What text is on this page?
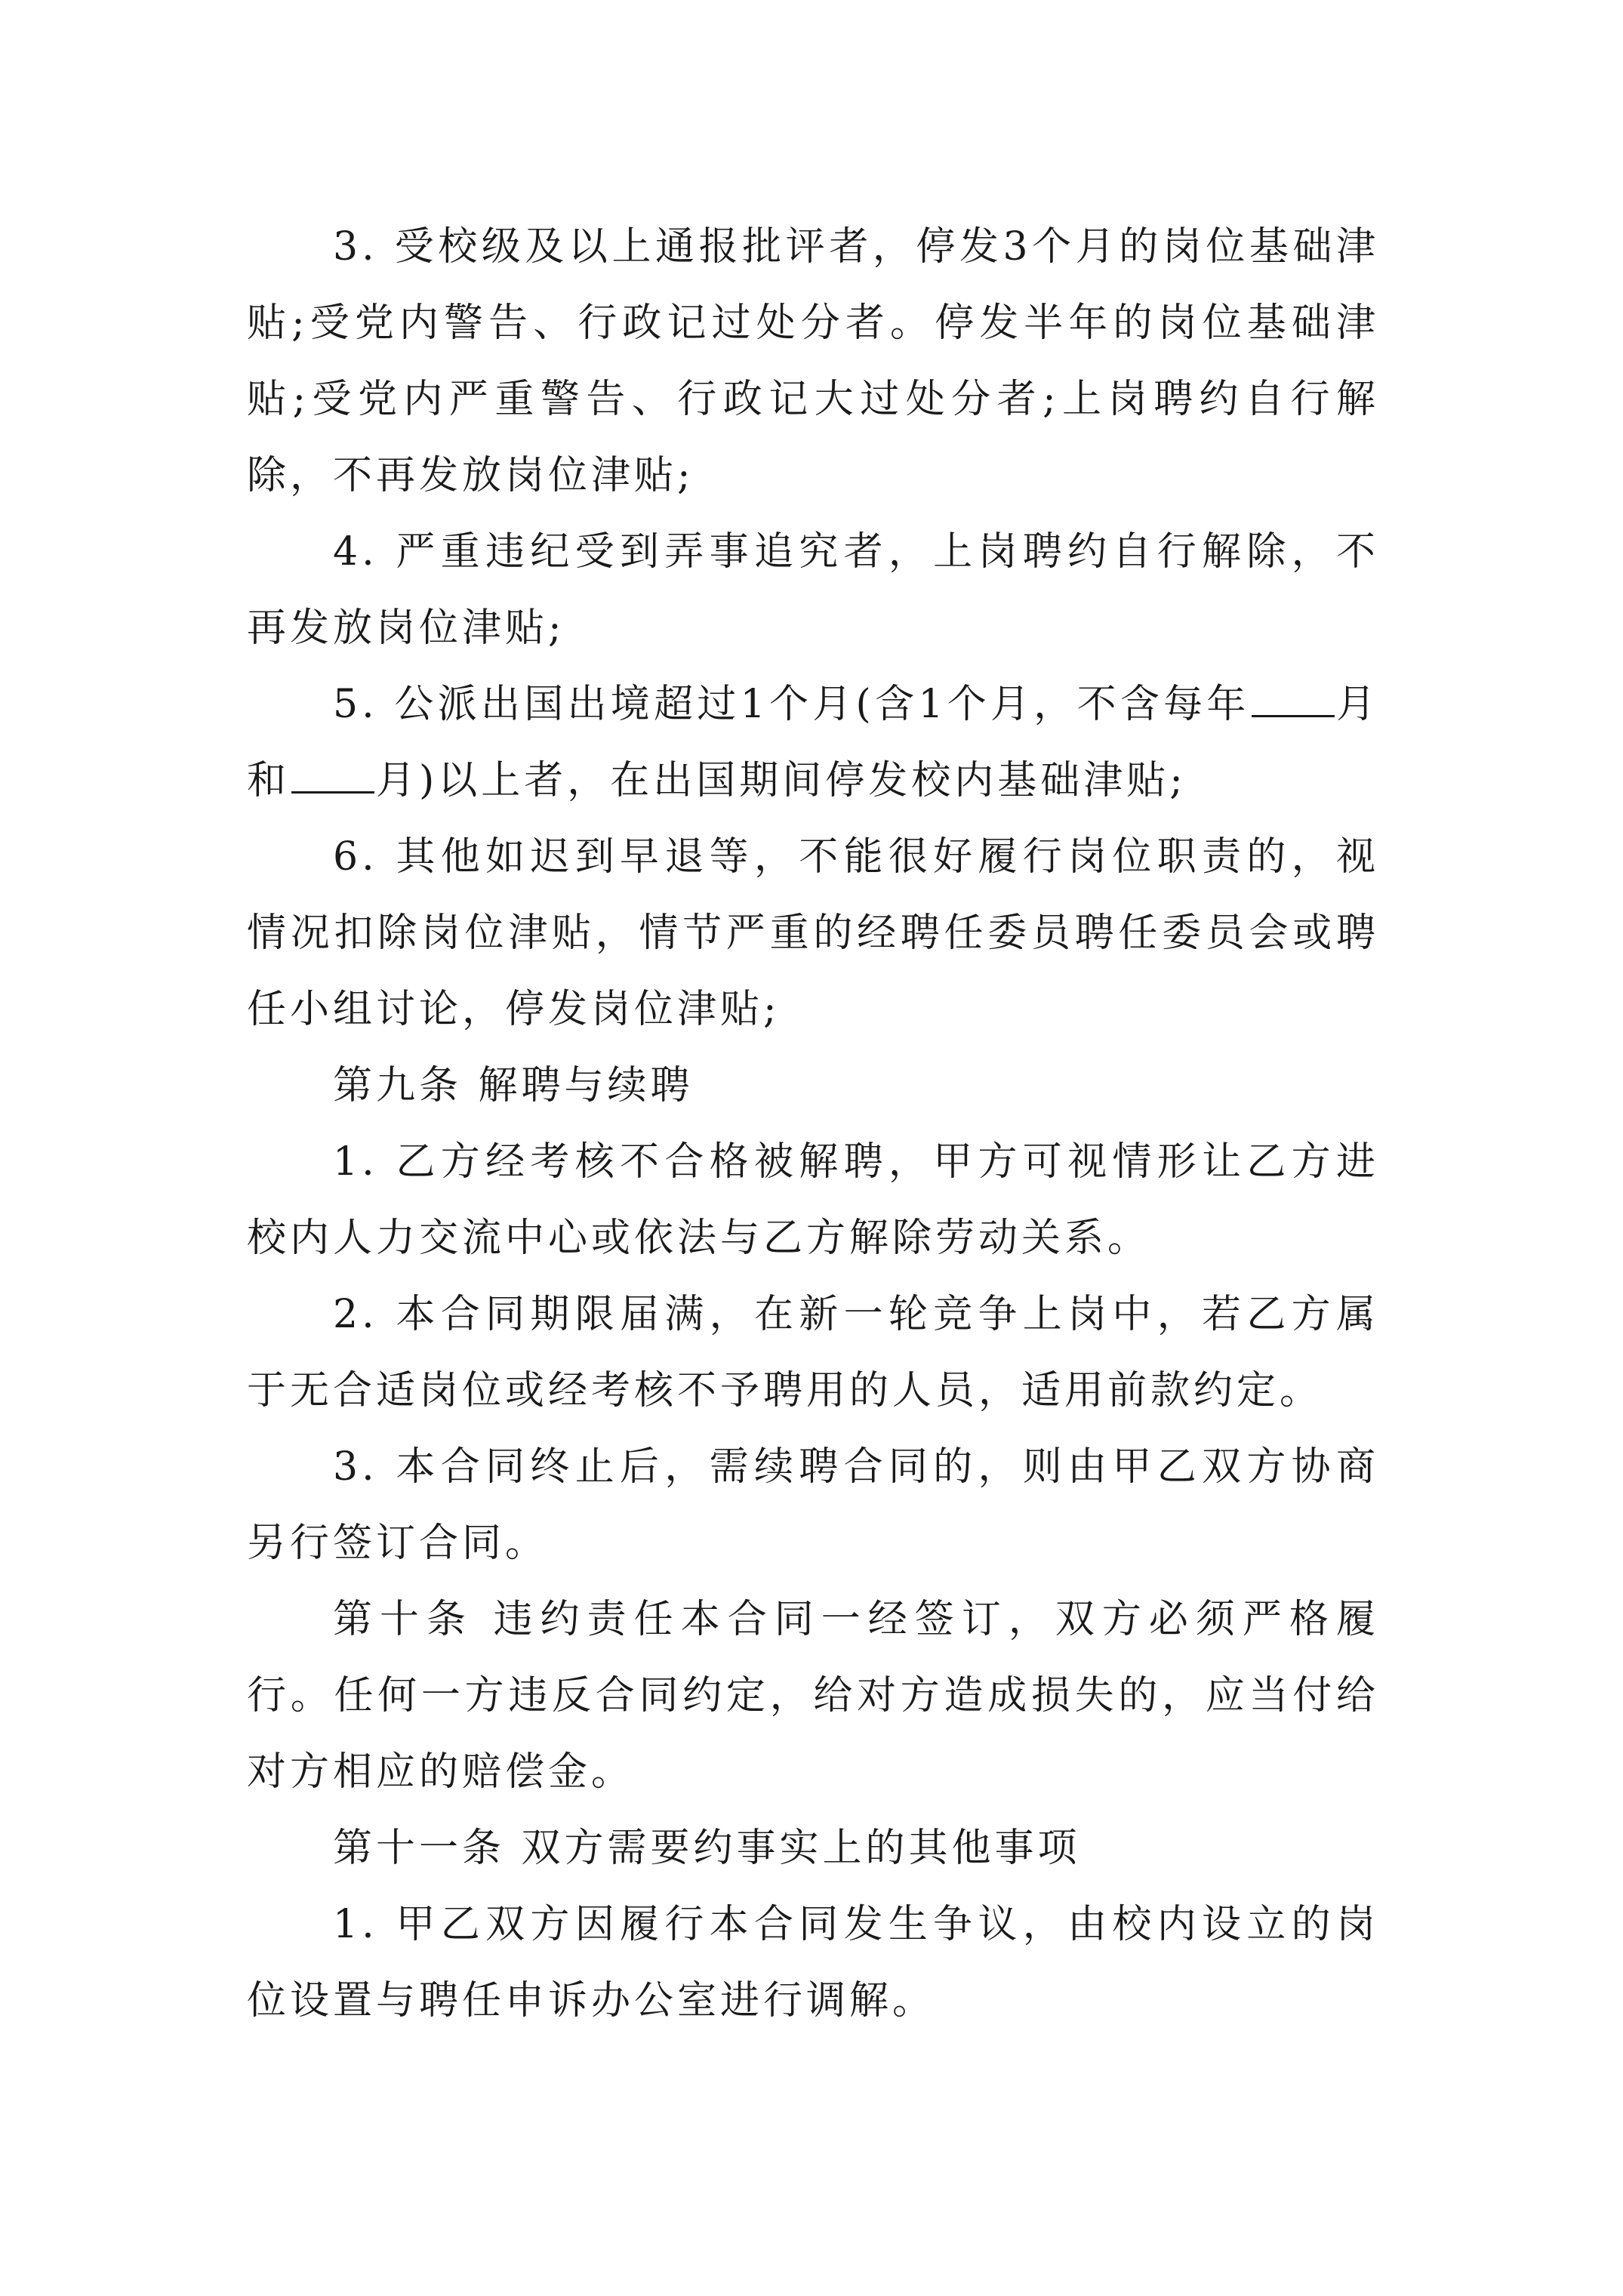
3. 受校级及以上通报批评者，停发3个月的岗位基础津贴;受党内警告、行政记过处分者。停发半年的岗位基础津贴;受党内严重警告、行政记大过处分者;上岗聘约自行解除，不再发放岗位津贴;

4. 严重违纪受到弄事追究者，上岗聘约自行解除，不再发放岗位津贴;

5. 公派出国出境超过1个月(含1个月，不含每年 月和 月)以上者，在出国期间停发校内基础津贴;

6. 其他如迟到早退等，不能很好履行岗位职责的，视情况扣除岗位津贴，情节严重的经聘任委员聘任委员会或聘任小组讨论，停发岗位津贴;

第九条 解聘与续聘

1. 乙方经考核不合格被解聘，甲方可视情形让乙方进校内人力交流中心或依法与乙方解除劳动关系。

2. 本合同期限届满，在新一轮竞争上岗中，若乙方属于无合适岗位或经考核不予聘用的人员，适用前款约定。

3. 本合同终止后，需续聘合同的，则由甲乙双方协商另行签订合同。

第十条 违约责任本合同一经签订，双方必须严格履行。任何一方违反合同约定，给对方造成损失的，应当付给对方相应的赔偿金。

第十一条 双方需要约事实上的其他事项

1. 甲乙双方因履行本合同发生争议，由校内设立的岗位设置与聘任申诉办公室进行调解。
